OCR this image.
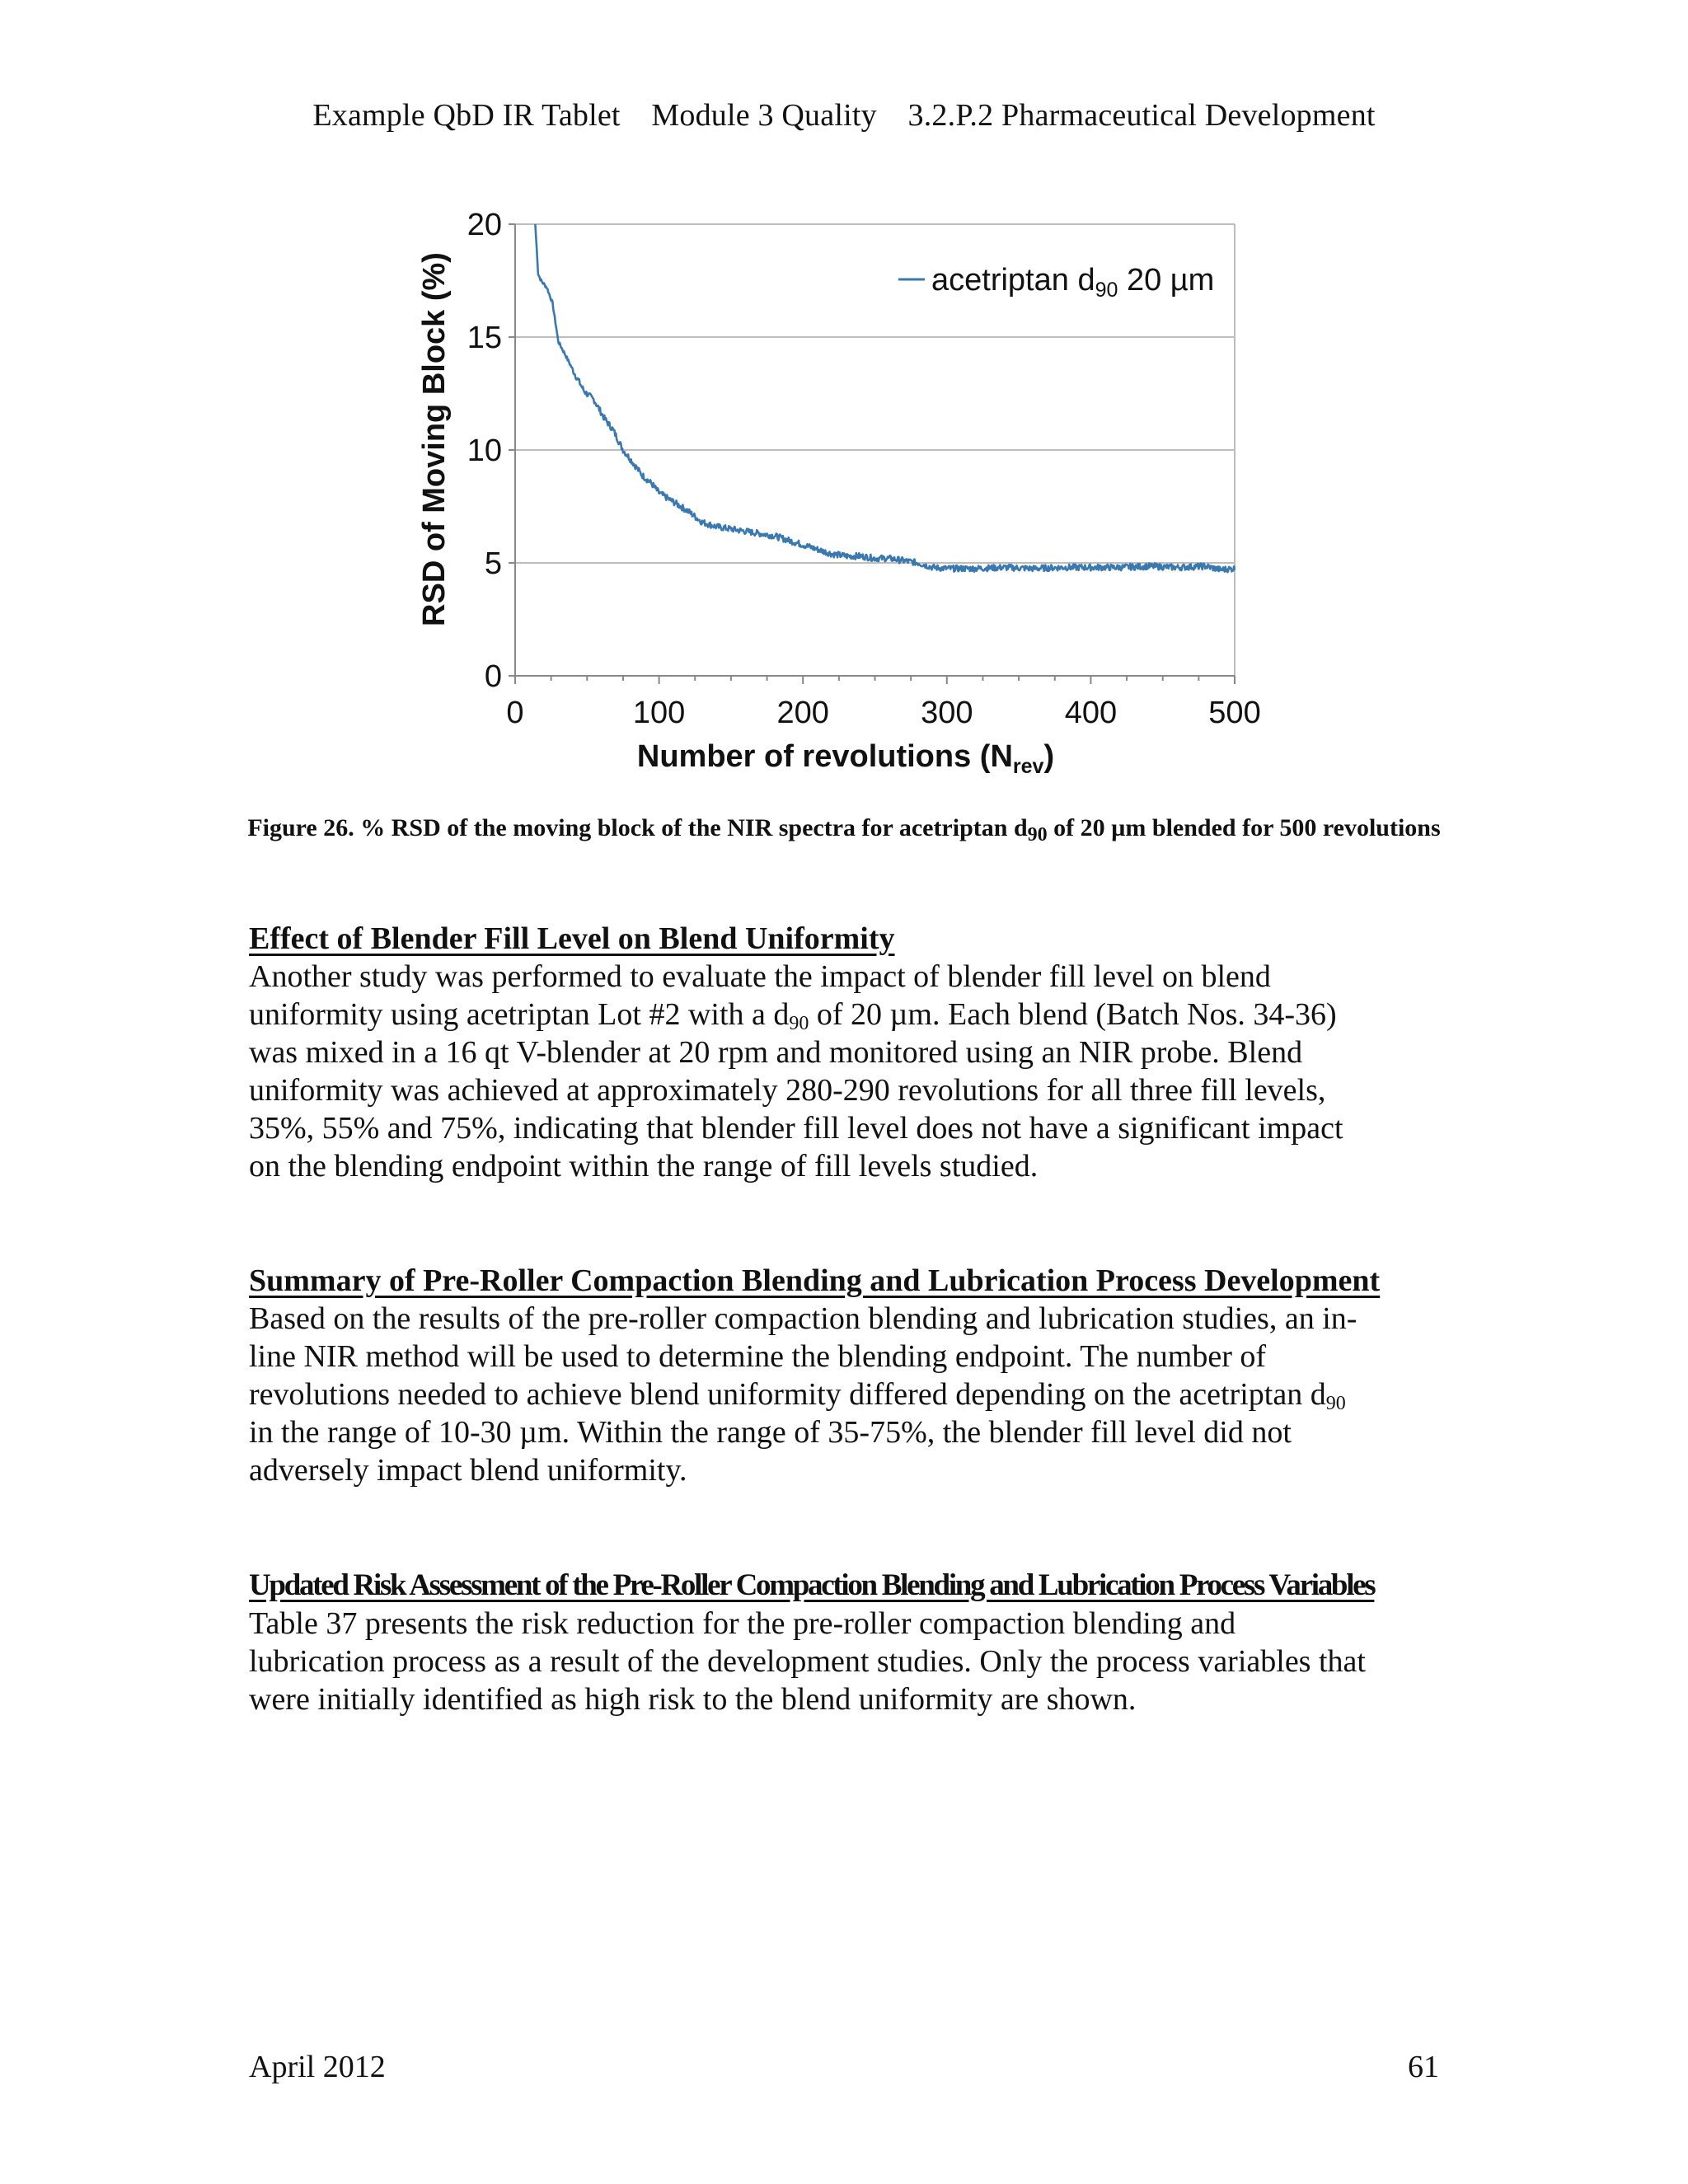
Example QbD IR Tablet Module 3 Quality 3.2.P.2 Pharmaceutical Development
0
5
10
15
20
0	100	200	300	400	500
acetriptan $d_{90}$ 20 µm
Number of revolutions $(N_{rev})$
RSD of Moving Block (%)
Figure 26. % RSD of the moving block of the NIR spectra for acetriptan $d_{90}$ of 20 µm blended for 500 revolutions
Effect of Blender Fill Level on Blend Uniformity
Another study was performed to evaluate the impact of blender fill level on blend
uniformity using acetriptan Lot #2 with a $d_{90}$ of 20 µm. Each blend (Batch Nos. 34-36)
was mixed in a 16 qt V-blender at 20 rpm and monitored using an NIR probe. Blend
uniformity was achieved at approximately 280-290 revolutions for all three fill levels,
35%, 55% and 75%, indicating that blender fill level does not have a significant impact
on the blending endpoint within the range of fill levels studied.
Summary of Pre-Roller Compaction Blending and Lubrication Process Development
Based on the results of the pre-roller compaction blending and lubrication studies, an in-
line NIR method will be used to determine the blending endpoint. The number of
revolutions needed to achieve blend uniformity differed depending on the acetriptan $d_{90}$
in the range of 10-30 µm. Within the range of 35-75%, the blender fill level did not
adversely impact blend uniformity.
Updated Risk Assessment of the Pre-Roller Compaction Blending and Lubrication Process Variables
Table 37 presents the risk reduction for the pre-roller compaction blending and
lubrication process as a result of the development studies. Only the process variables that
were initially identified as high risk to the blend uniformity are shown.
April 2012	61
